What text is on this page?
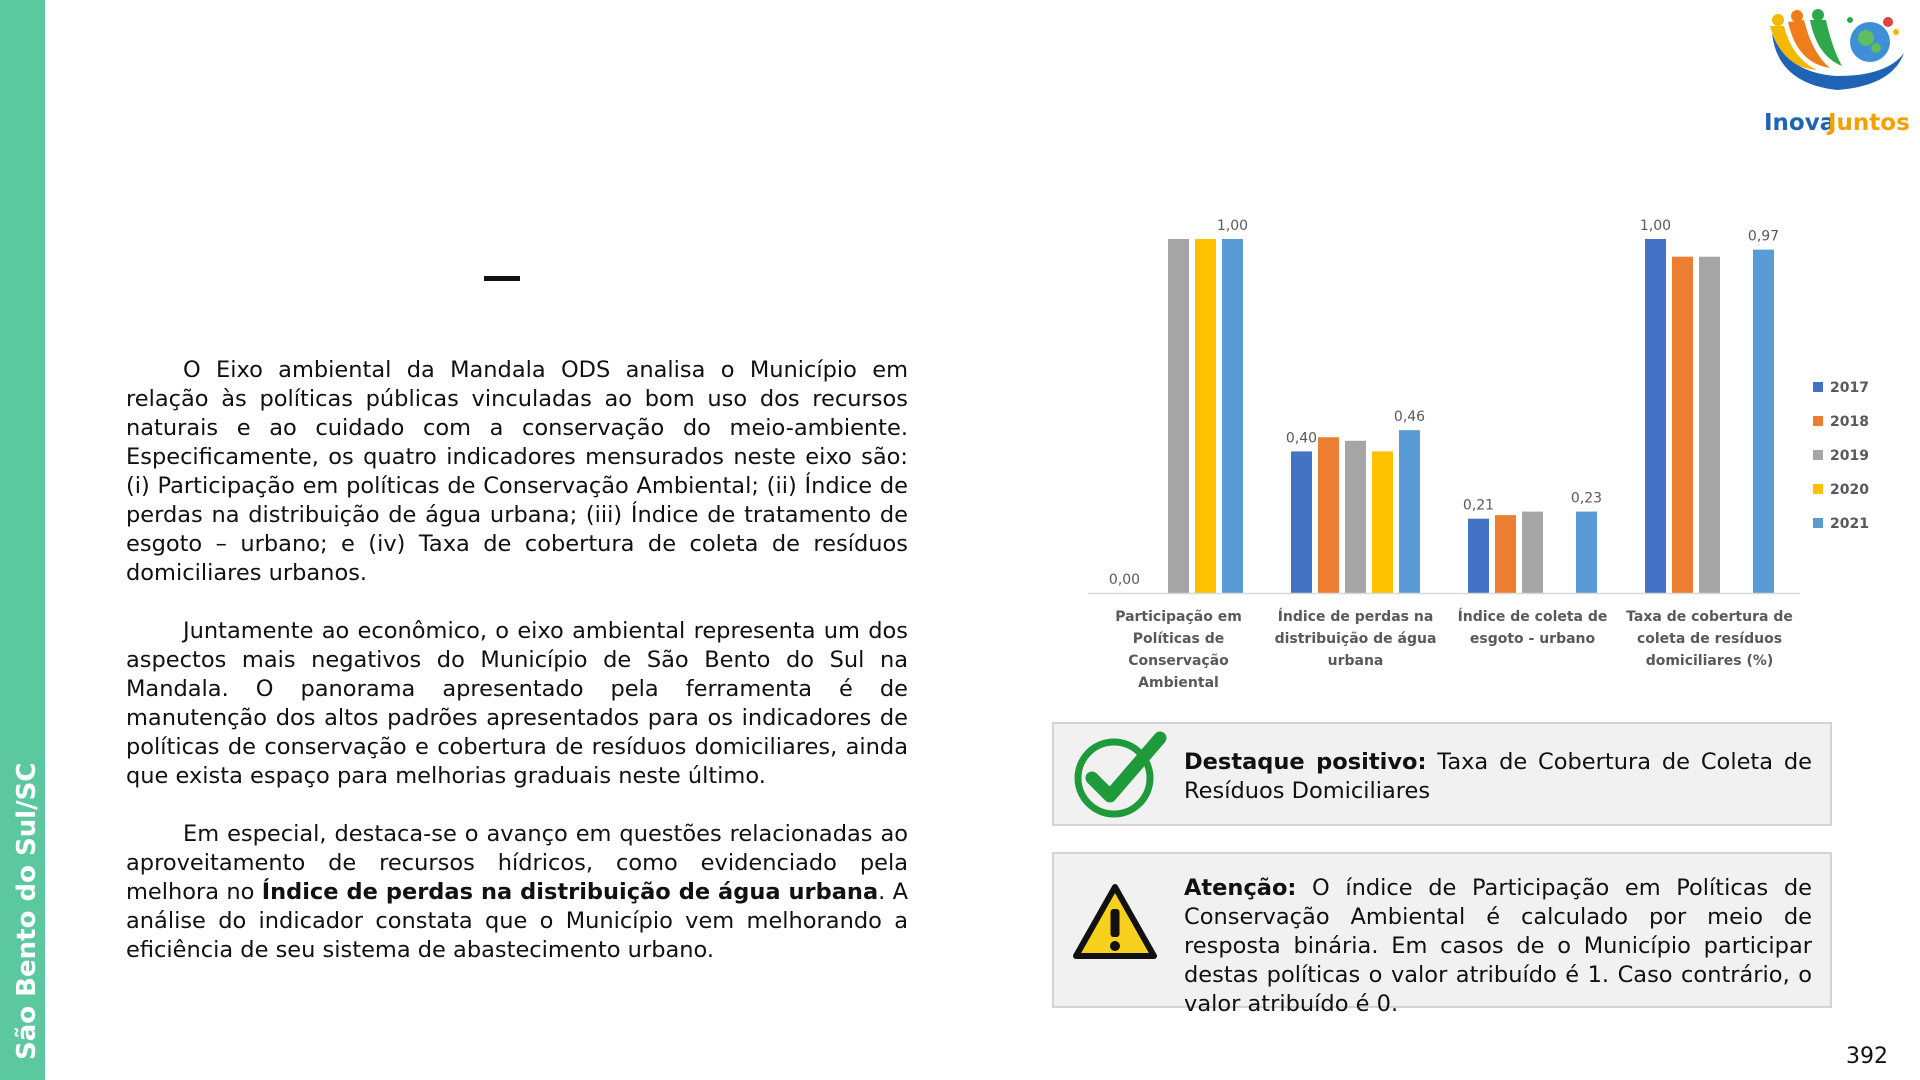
São Bento do Sul/SC
Inova
Juntos

O Eixo ambiental da Mandala ODS analisa o Município em relação às políticas públicas vinculadas ao bom uso dos recursos naturais e ao cuidado com a conservação do meio-ambiente. Especificamente, os quatro indicadores mensurados neste eixo são: (i) Participação em políticas de Conservação Ambiental; (ii) Índice de perdas na distribuição de água urbana; (iii) Índice de tratamento de esgoto – urbano; e (iv) Taxa de cobertura de coleta de resíduos domiciliares urbanos.

Juntamente ao econômico, o eixo ambiental representa um dos aspectos mais negativos do Município de São Bento do Sul na Mandala. O panorama apresentado pela ferramenta é de manutenção dos altos padrões apresentados para os indicadores de políticas de conservação e cobertura de resíduos domiciliares, ainda que exista espaço para melhorias graduais neste último.

Em especial, destaca-se o avanço em questões relacionadas ao aproveitamento de recursos hídricos, como evidenciado pela melhora no Índice de perdas na distribuição de água urbana. A análise do indicador constata que o Município vem melhorando a eficiência de seu sistema de abastecimento urbano.

0,00
1,00
0,40
0,46
0,21	0,23
1,00
0,97
Participação em Políticas de Conservação Ambiental
Índice de perdas na distribuição de água urbana
Índice de coleta de esgoto - urbano
Taxa de cobertura de coleta de resíduos domiciliares (%)
2017
2018
2019
2020
2021
Destaque positivo: Taxa de Cobertura de Coleta de Resíduos Domiciliares
Atenção: O índice de Participação em Políticas de Conservação Ambiental é calculado por meio de resposta binária. Em casos de o Município participar destas políticas o valor atribuído é 1. Caso contrário, o valor atribuído é 0.
392
